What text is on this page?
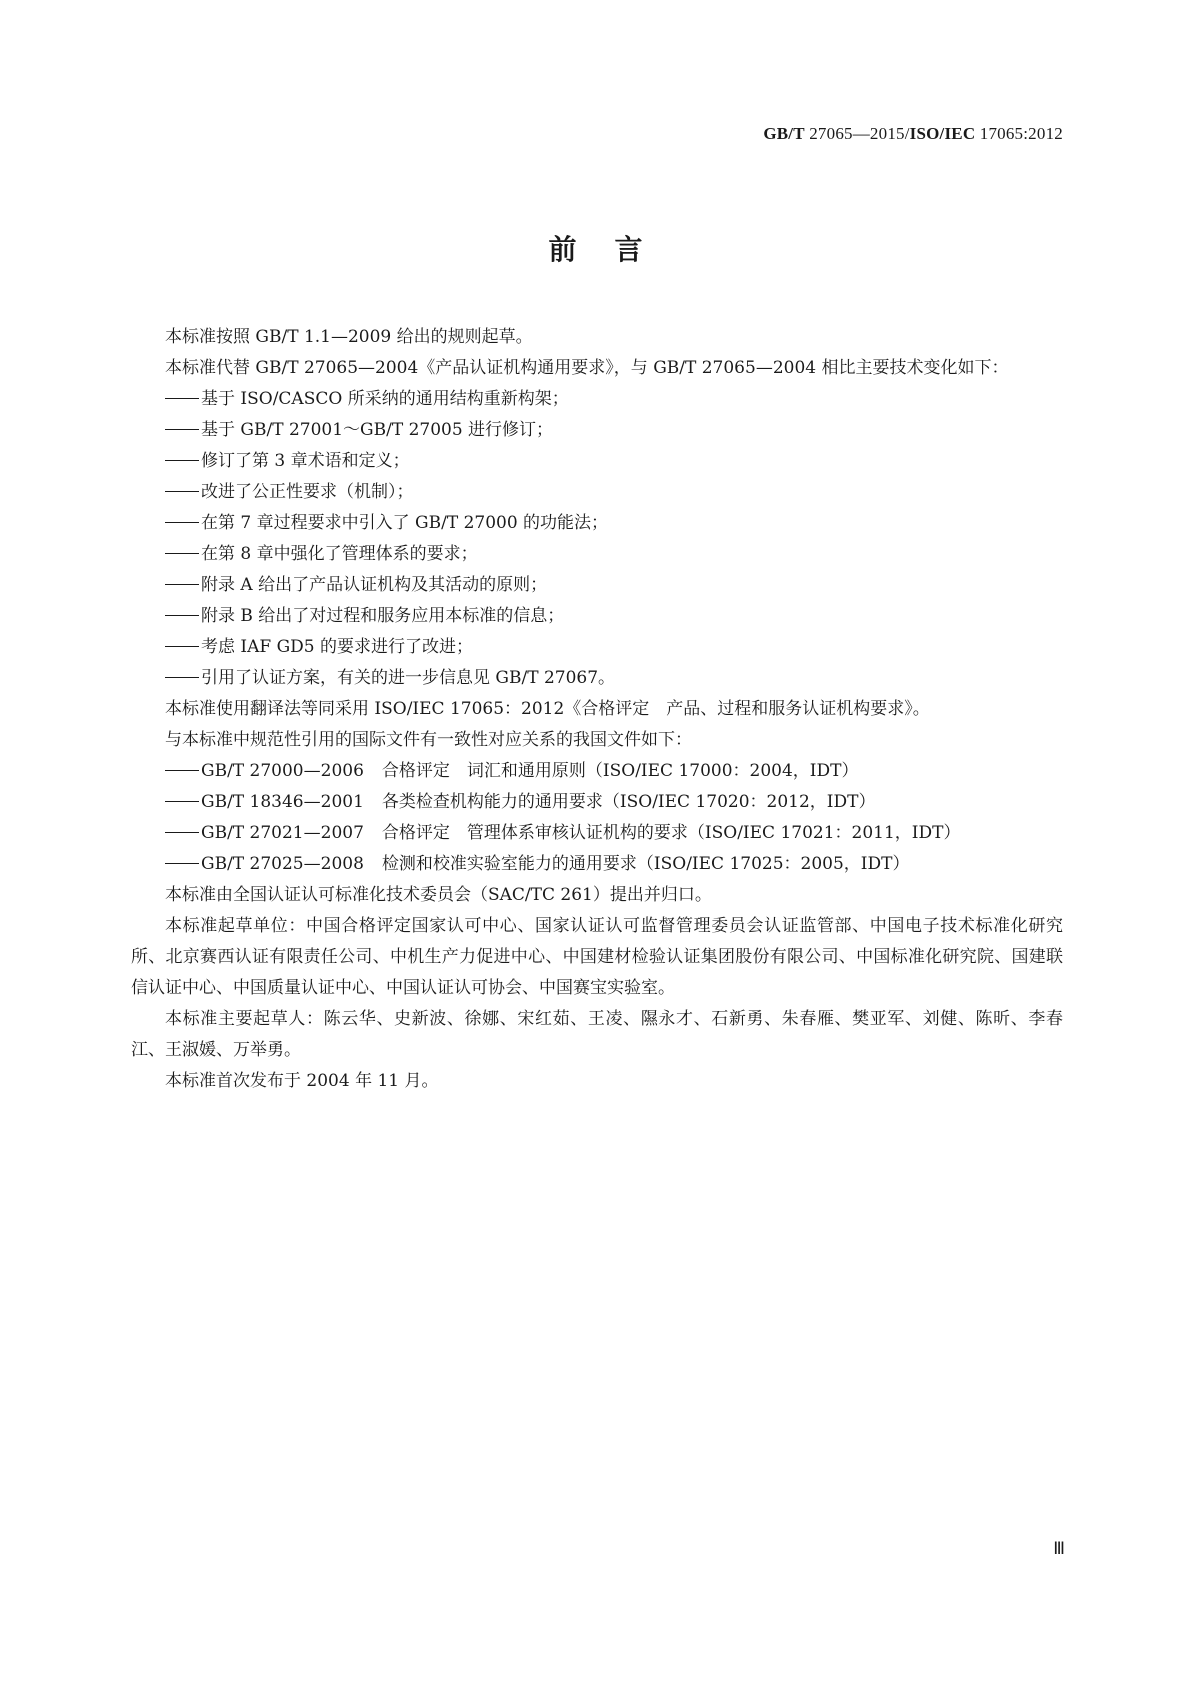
GB/T 27065—2015/ISO/IEC 17065:2012
前言

本标准按照 GB/T 1.1—2009 给出的规则起草。

本标准代替 GB/T 27065—2004《产品认证机构通用要求》，与 GB/T 27065—2004 相比主要技术变化如下：

基于 ISO/CASCO 所采纳的通用结构重新构架；

基于 GB/T 27001～GB/T 27005 进行修订；

修订了第 3 章术语和定义；

改进了公正性要求（机制）；

在第 7 章过程要求中引入了 GB/T 27000 的功能法；

在第 8 章中强化了管理体系的要求；

附录 A 给出了产品认证机构及其活动的原则；

附录 B 给出了对过程和服务应用本标准的信息；

考虑 IAF GD5 的要求进行了改进；

引用了认证方案，有关的进一步信息见 GB/T 27067。

本标准使用翻译法等同采用 ISO/IEC 17065：2012《合格评定　产品、过程和服务认证机构要求》。

与本标准中规范性引用的国际文件有一致性对应关系的我国文件如下：

GB/T 27000—2006 合格评定　词汇和通用原则（ISO/IEC 17000：2004，IDT）

GB/T 18346—2001 各类检查机构能力的通用要求（ISO/IEC 17020：2012，IDT）

GB/T 27021—2007 合格评定　管理体系审核认证机构的要求（ISO/IEC 17021：2011，IDT）

GB/T 27025—2008 检测和校准实验室能力的通用要求（ISO/IEC 17025：2005，IDT）

本标准由全国认证认可标准化技术委员会（SAC/TC 261）提出并归口。

本标准起草单位：中国合格评定国家认可中心、国家认证认可监督管理委员会认证监管部、中国电子技术标准化研究所、北京赛西认证有限责任公司、中机生产力促进中心、中国建材检验认证集团股份有限公司、中国标准化研究院、国建联信认证中心、中国质量认证中心、中国认证认可协会、中国赛宝实验室。

本标准主要起草人：陈云华、史新波、徐娜、宋红茹、王凌、隰永才、石新勇、朱春雁、樊亚军、刘健、陈昕、李春江、王淑媛、万举勇。

本标准首次发布于 2004 年 11 月。

Ⅲ
